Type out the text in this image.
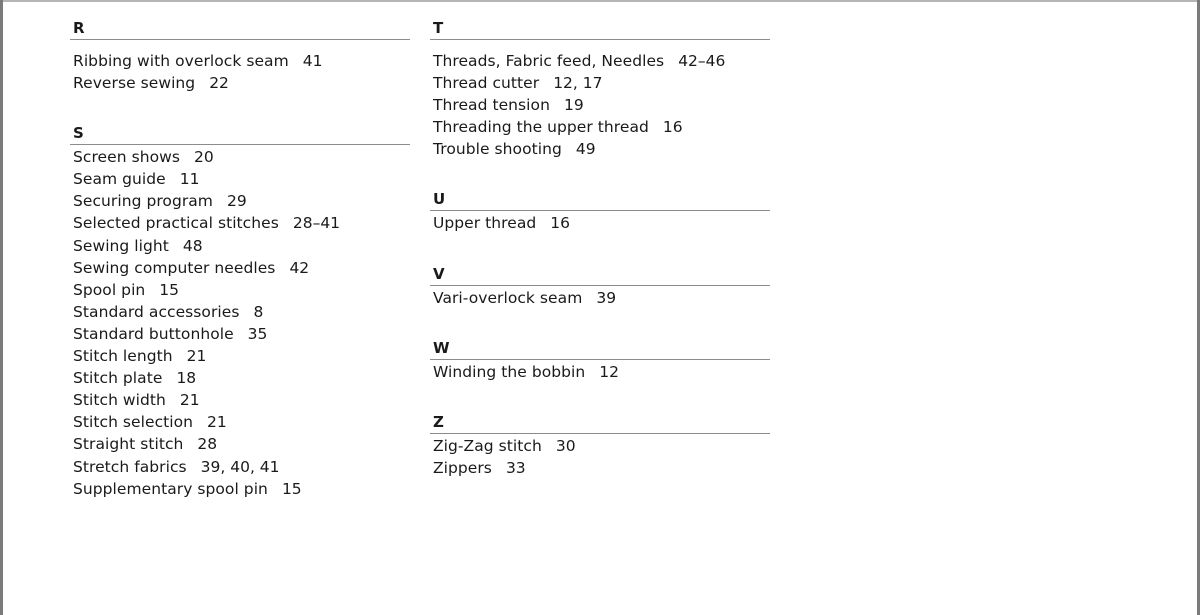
R
Ribbing with overlock seam 41
Reverse sewing 22
S
Screen shows 20
Seam guide 11
Securing program 29
Selected practical stitches 28–41
Sewing light 48
Sewing computer needles 42
Spool pin 15
Standard accessories 8
Standard buttonhole 35
Stitch length 21
Stitch plate 18
Stitch width 21
Stitch selection 21
Straight stitch 28
Stretch fabrics 39, 40, 41
Supplementary spool pin 15
T
Threads, Fabric feed, Needles 42–46
Thread cutter 12, 17
Thread tension 19
Threading the upper thread 16
Trouble shooting 49
U
Upper thread 16
V
Vari-overlock seam 39
W
Winding the bobbin 12
Z
Zig-Zag stitch 30
Zippers 33
